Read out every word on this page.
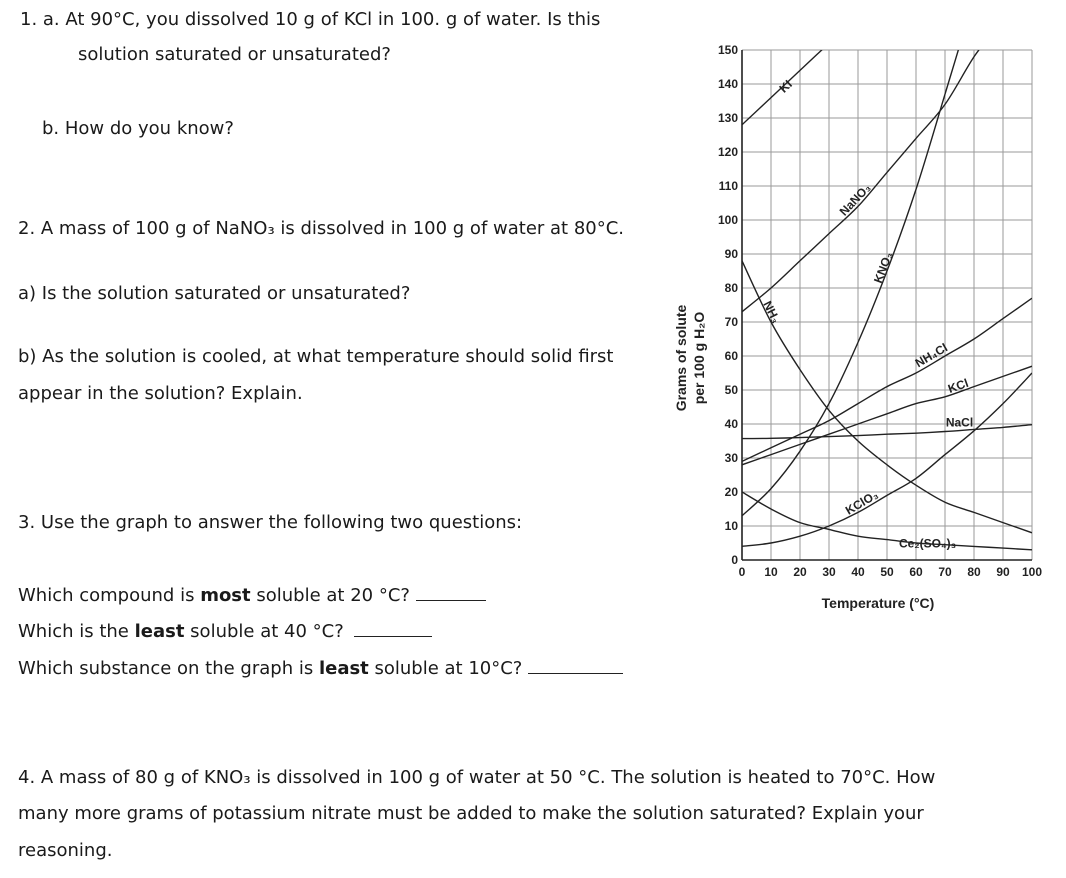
1. a. At 90°C, you dissolved 10 g of KCl in 100. g of water. Is this
solution saturated or unsaturated?
b. How do you know?
2. A mass of 100 g of NaNO₃ is dissolved in 100 g of water at 80°C.
a) Is the solution saturated or unsaturated?
b) As the solution is cooled, at what temperature should solid first
appear in the solution? Explain.
3. Use the graph to answer the following two questions:
Which compound is most soluble at 20 °C?
Which is the least soluble at 40 °C?
Which substance on the graph is least soluble at 10°C?
4. A mass of 80 g of KNO₃ is dissolved in 100 g of water at 50 °C. The solution is heated to 70°C. How
many more grams of potassium nitrate must be added to make the solution saturated? Explain your
reasoning.
0 10 20 30 40 50 60 70 80 90 100
0
10
20
30
40
50
60
70
80
90
100
110
120
130
140
150
KI
NaNO₃
KNO₃
NH₃
NH₄Cl
KCl
NaCl
KClO₃
Ce₂(SO₄)₃
Temperature (°C)
Grams of solute per 100 g H₂O
